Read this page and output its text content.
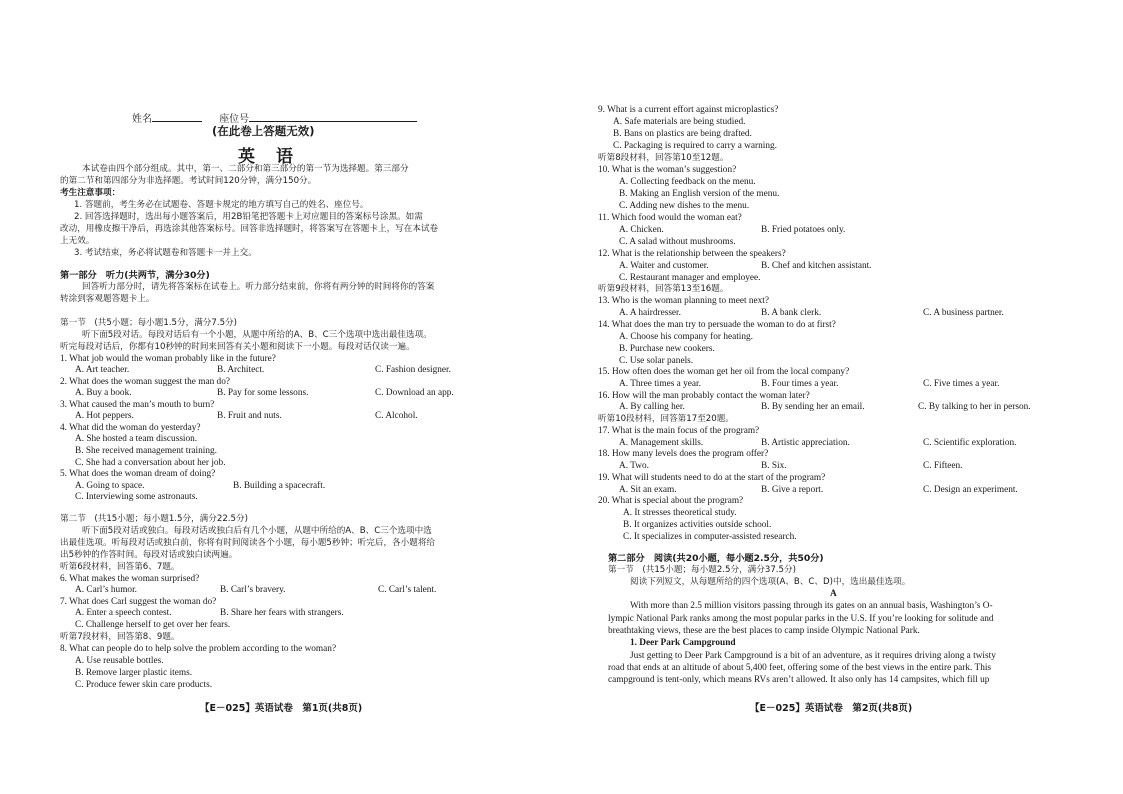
姓名	座位号
(在此卷上答题无效)
英　语
本试卷由四个部分组成。其中，第一、二部分和第三部分的第一节为选择题。第三部分
的第二节和第四部分为非选择题。考试时间120分钟，满分150分。
考生注意事项：
1. 答题前，考生务必在试题卷、答题卡规定的地方填写自己的姓名、座位号。
2. 回答选择题时，选出每小题答案后，用2B铅笔把答题卡上对应题目的答案标号涂黑。如需
改动，用橡皮擦干净后，再选涂其他答案标号。回答非选择题时，将答案写在答题卡上，写在本试卷
上无效。
3. 考试结束，务必将试题卷和答题卡一并上交。
第一部分　听力(共两节，满分30分)
回答听力部分时，请先将答案标在试卷上。听力部分结束前，你将有两分钟的时间将你的答案
转涂到客观题答题卡上。
第一节　(共5小题；每小题1.5分，满分7.5分)
听下面5段对话。每段对话后有一个小题，从题中所给的A、B、C三个选项中选出最佳选项。
听完每段对话后，你都有10秒钟的时间来回答有关小题和阅读下一小题。每段对话仅读一遍。
1. What job would the woman probably like in the future?
A. Art teacher.	B. Architect.	C. Fashion designer.
2. What does the woman suggest the man do?
A. Buy a book.	B. Pay for some lessons.	C. Download an app.
3. What caused the man’s mouth to burn?
A. Hot peppers.	B. Fruit and nuts.	C. Alcohol.
4. What did the woman do yesterday?
A. She hosted a team discussion.
B. She received management training.
C. She had a conversation about her job.
5. What does the woman dream of doing?
A. Going to space.	B. Building a spacecraft.
C. Interviewing some astronauts.
第二节　(共15小题；每小题1.5分，满分22.5分)
听下面5段对话或独白。每段对话或独白后有几个小题，从题中所给的A、B、C三个选项中选
出最佳选项。听每段对话或独白前，你将有时间阅读各个小题，每小题5秒钟；听完后，各小题将给
出5秒钟的作答时间。每段对话或独白读两遍。
听第6段材料，回答第6、7题。
6. What makes the woman surprised?
A. Carl’s humor.	B. Carl’s bravery.	C. Carl’s talent.
7. What does Carl suggest the woman do?
A. Enter a speech contest.	B. Share her fears with strangers.
C. Challenge herself to get over her fears.
听第7段材料，回答第8、9题。
8. What can people do to help solve the problem according to the woman?
A. Use reusable bottles.
B. Remove larger plastic items.
C. Produce fewer skin care products.
【E－025】英语试卷　第1页(共8页)
9. What is a current effort against microplastics?
A. Safe materials are being studied.
B. Bans on plastics are being drafted.
C. Packaging is required to carry a warning.
听第8段材料，回答第10至12题。
10. What is the woman’s suggestion?
A. Collecting feedback on the menu.
B. Making an English version of the menu.
C. Adding new dishes to the menu.
11. Which food would the woman eat?
A. Chicken.	B. Fried potatoes only.
C. A salad without mushrooms.
12. What is the relationship between the speakers?
A. Waiter and customer.	B. Chef and kitchen assistant.
C. Restaurant manager and employee.
听第9段材料，回答第13至16题。
13. Who is the woman planning to meet next?
A. A hairdresser.	B. A bank clerk.	C. A business partner.
14. What does the man try to persuade the woman to do at first?
A. Choose his company for heating.
B. Purchase new cookers.
C. Use solar panels.
15. How often does the woman get her oil from the local company?
A. Three times a year.	B. Four times a year.	C. Five times a year.
16. How will the man probably contact the woman later?
A. By calling her.	B. By sending her an email.	C. By talking to her in person.
听第10段材料，回答第17至20题。
17. What is the main focus of the program?
A. Management skills.	B. Artistic appreciation.	C. Scientific exploration.
18. How many levels does the program offer?
A. Two.	B. Six.	C. Fifteen.
19. What will students need to do at the start of the program?
A. Sit an exam.	B. Give a report.	C. Design an experiment.
20. What is special about the program?
A. It stresses theoretical study.
B. It organizes activities outside school.
C. It specializes in computer-assisted research.
第二部分　阅读(共20小题，每小题2.5分，共50分)
第一节　(共15小题；每小题2.5分，满分37.5分)
阅读下列短文，从每题所给的四个选项(A、B、C、D)中，选出最佳选项。
A
With more than 2.5 million visitors passing through its gates on an annual basis, Washington’s O-
lympic National Park ranks among the most popular parks in the U.S. If you’re looking for solitude and
breathtaking views, these are the best places to camp inside Olympic National Park.
1. Deer Park Campground
Just getting to Deer Park Campground is a bit of an adventure, as it requires driving along a twisty
road that ends at an altitude of about 5,400 feet, offering some of the best views in the entire park. This
campground is tent-only, which means RVs aren’t allowed. It also only has 14 campsites, which fill up
【E－025】英语试卷　第2页(共8页)
